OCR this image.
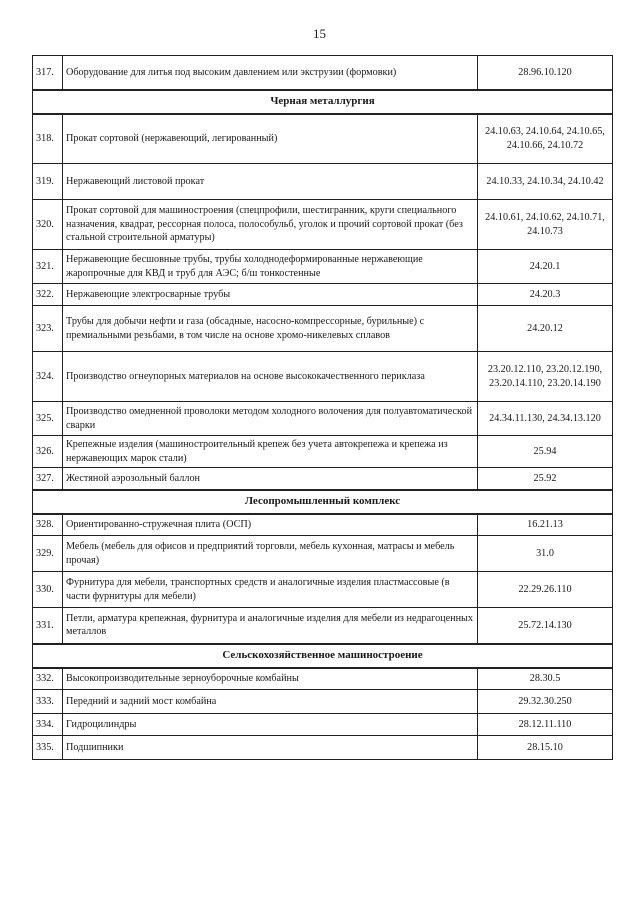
15
317.	Оборудование для литья под высоким давлением или экструзии (формовки)	28.96.10.120
Черная металлургия		
318.	Прокат сортовой (нержавеющий, легированный)	24.10.63, 24.10.64, 24.10.65, 24.10.66, 24.10.72
319.	Нержавеющий листовой прокат	24.10.33, 24.10.34, 24.10.42
320.	Прокат сортовой для машиностроения (спецпрофили, шестигранник, круги специального назначения, квадрат, рессорная полоса, полособульб, уголок и прочий сортовой прокат (без стальной строительной арматуры)	24.10.61, 24.10.62, 24.10.71, 24.10.73
321.	Нержавеющие бесшовные трубы, трубы холоднодеформированные нержавеющие жаропрочные для КВД и труб для АЭС; б/ш тонкостенные	24.20.1
322.	Нержавеющие электросварные трубы	24.20.3
323.	Трубы для добычи нефти и газа (обсадные, насосно-компрессорные, бурильные) с премиальными резьбами, в том числе на основе хромо-никелевых сплавов	24.20.12
324.	Производство огнеупорных материалов на основе высококачественного периклаза	23.20.12.110, 23.20.12.190, 23.20.14.110, 23.20.14.190
325.	Производство омедненной проволоки методом холодного волочения для полуавтоматической сварки	24.34.11.130, 24.34.13.120
326.	Крепежные изделия (машиностроительный крепеж без учета автокрепежа и крепежа из нержавеющих марок стали)	25.94
327.	Жестяной аэрозольный баллон	25.92
Лесопромышленный комплекс		
328.	Ориентированно-стружечная плита (ОСП)	16.21.13
329.	Мебель (мебель для офисов и предприятий торговли, мебель кухонная, матрасы и мебель прочая)	31.0
330.	Фурнитура для мебели, транспортных средств и аналогичные изделия пластмассовые (в части фурнитуры для мебели)	22.29.26.110
331.	Петли, арматура крепежная, фурнитура и аналогичные изделия для мебели из недрагоценных металлов	25.72.14.130
Сельскохозяйственное машиностроение		
332.	Высокопроизводительные зерноуборочные комбайны	28.30.5
333.	Передний и задний мост комбайна	29.32.30.250
334.	Гидроцилиндры	28.12.11.110
335.	Подшипники	28.15.10
